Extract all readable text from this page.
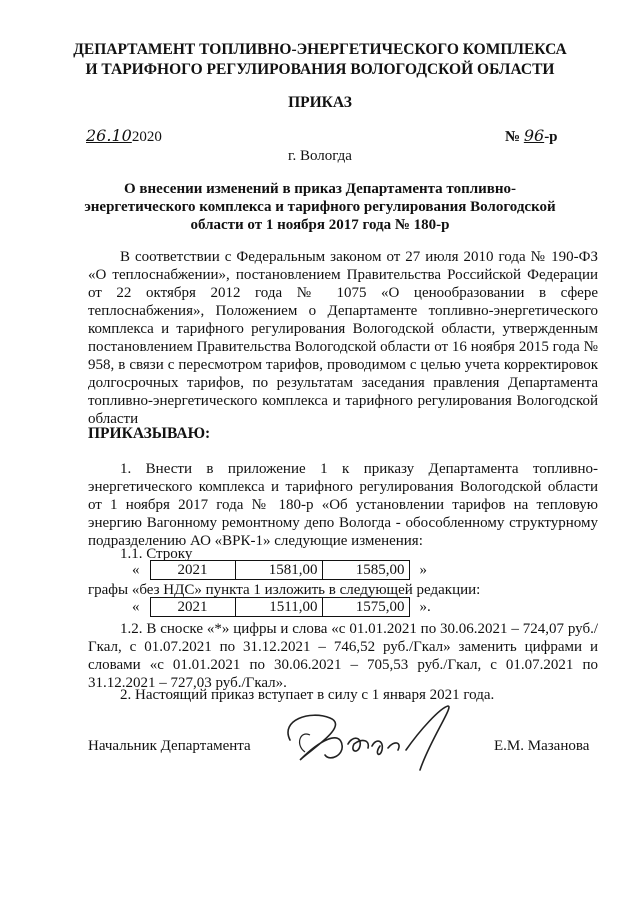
ДЕПАРТАМЕНТ ТОПЛИВНО-ЭНЕРГЕТИЧЕСКОГО КОМПЛЕКСА
И ТАРИФНОГО РЕГУЛИРОВАНИЯ ВОЛОГОДСКОЙ ОБЛАСТИ
ПРИКАЗ
26.102020	№ 96-р
г. Вологда
О внесении изменений в приказ Департамента топливно-
энергетического комплекса и тарифного регулирования Вологодской
области от 1 ноября 2017 года № 180-р
В соответствии с Федеральным законом от 27 июля 2010 года № 190-ФЗ «О теплоснабжении», постановлением Правительства Российской Федерации от 22 октября 2012 года № 1075 «О ценообразовании в сфере теплоснабжения», Положением о Департаменте топливно-энергетического комплекса и тарифного регулирования Вологодской области, утвержденным постановлением Правительства Вологодской области от 16 ноября 2015 года № 958, в связи с пересмотром тарифов, проводимом с целью учета корректировок долгосрочных тарифов, по результатам заседания правления Департамента топливно-энергетического комплекса и тарифного регулирования Вологодской области
ПРИКАЗЫВАЮ:
1. Внести в приложение 1 к приказу Департамента топливно-энергетического комплекса и тарифного регулирования Вологодской области от 1 ноября 2017 года № 180-р «Об установлении тарифов на тепловую энергию Вагонному ремонтному депо Вологда - обособленному структурному подразделению АО «ВРК-1» следующие изменения:
1.1. Строку
«	2021	1581,00	1585,00 »
графы «без НДС» пункта 1 изложить в следующей редакции:
«	2021	1511,00	1575,00 ».
1.2. В сноске «*» цифры и слова «с 01.01.2021 по 30.06.2021 – 724,07 руб./Гкал, с 01.07.2021 по 31.12.2021 – 746,52 руб./Гкал» заменить цифрами и словами «с 01.01.2021 по 30.06.2021 – 705,53 руб./Гкал, с 01.07.2021 по 31.12.2021 – 727,03 руб./Гкал».
2. Настоящий приказ вступает в силу с 1 января 2021 года.
Начальник Департамента	Е.М. Мазанова
